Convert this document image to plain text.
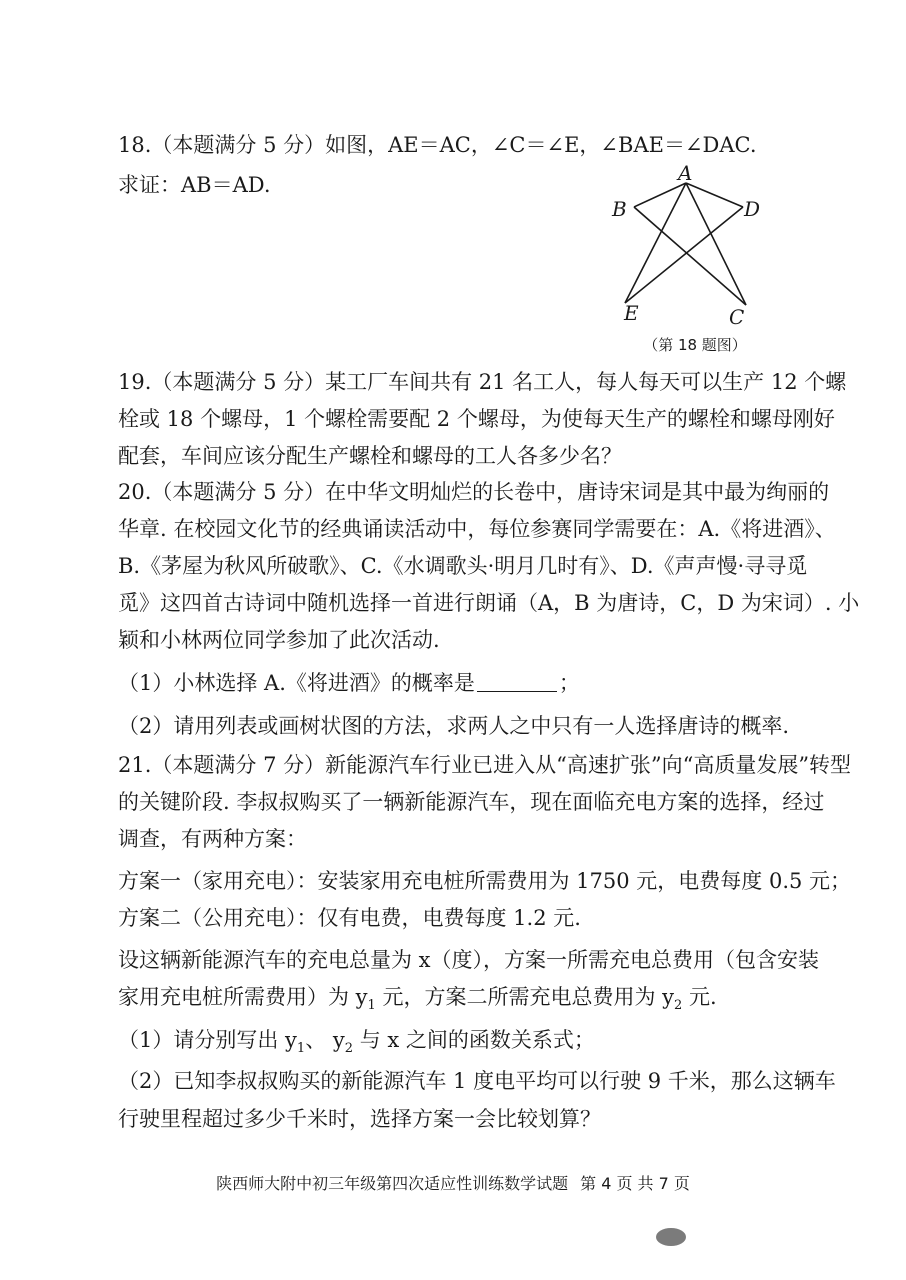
18.（本题满分 5 分）如图，AE＝AC，∠C＝∠E，∠BAE＝∠DAC.
求证：AB＝AD.	A
B	D
E	C
（第 18 题图）
19.（本题满分 5 分）某工厂车间共有 21 名工人，每人每天可以生产 12 个螺
栓或 18 个螺母，1 个螺栓需要配 2 个螺母，为使每天生产的螺栓和螺母刚好
配套，车间应该分配生产螺栓和螺母的工人各多少名？
20.（本题满分 5 分）在中华文明灿烂的长卷中，唐诗宋词是其中最为绚丽的
华章. 在校园文化节的经典诵读活动中，每位参赛同学需要在：A.《将进酒》、
B.《茅屋为秋风所破歌》、C.《水调歌头·明月几时有》、D.《声声慢·寻寻觅
觅》这四首古诗词中随机选择一首进行朗诵（A，B 为唐诗，C，D 为宋词）. 小
颖和小林两位同学参加了此次活动.
（1）小林选择 A.《将进酒》的概率是	；
（2）请用列表或画树状图的方法，求两人之中只有一人选择唐诗的概率.
21.（本题满分 7 分）新能源汽车行业已进入从“高速扩张”向“高质量发展”转型
的关键阶段. 李叔叔购买了一辆新能源汽车，现在面临充电方案的选择，经过
调查，有两种方案：
方案一（家用充电）：安装家用充电桩所需费用为 1750 元，电费每度 0.5 元；
方案二（公用充电）：仅有电费，电费每度 1.2 元.
设这辆新能源汽车的充电总量为 x（度），方案一所需充电总费用（包含安装
家用充电桩所需费用）为 $y_1$ 元，方案二所需充电总费用为 $y_2$ 元.
（1）请分别写出 $y_1$、 $y_2$ 与 x 之间的函数关系式；
（2）已知李叔叔购买的新能源汽车 1 度电平均可以行驶 9 千米，那么这辆车
行驶里程超过多少千米时，选择方案一会比较划算？
陕西师大附中初三年级第四次适应性训练数学试题 第 4 页 共 7 页
